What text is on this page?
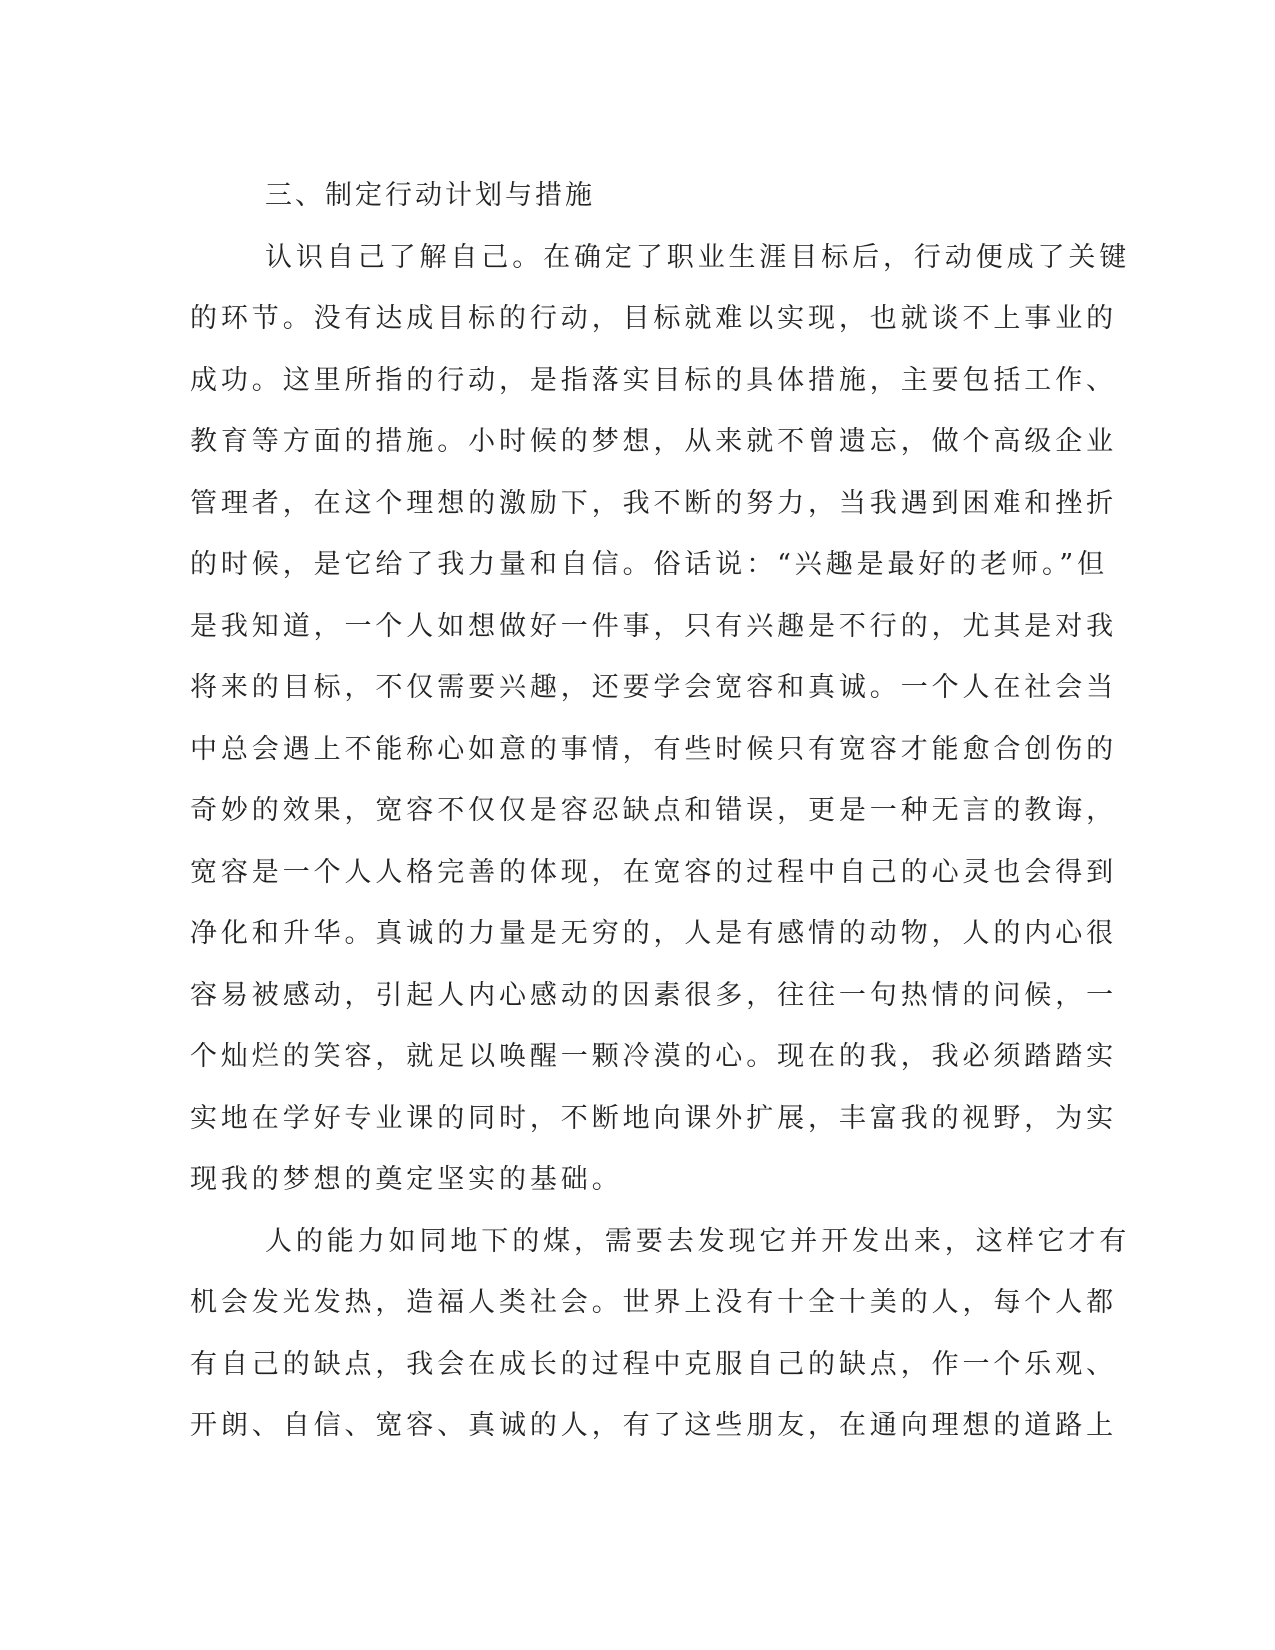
三、制定行动计划与措施
认识自己了解自己。在确定了职业生涯目标后，行动便成了关键
的环节。没有达成目标的行动，目标就难以实现，也就谈不上事业的
成功。这里所指的行动，是指落实目标的具体措施，主要包括工作、
教育等方面的措施。小时候的梦想，从来就不曾遗忘，做个高级企业
管理者，在这个理想的激励下，我不断的努力，当我遇到困难和挫折
的时候，是它给了我力量和自信。俗话说：“兴趣是最好的老师。”但
是我知道，一个人如想做好一件事，只有兴趣是不行的，尤其是对我
将来的目标，不仅需要兴趣，还要学会宽容和真诚。一个人在社会当
中总会遇上不能称心如意的事情，有些时候只有宽容才能愈合创伤的
奇妙的效果，宽容不仅仅是容忍缺点和错误，更是一种无言的教诲，
宽容是一个人人格完善的体现，在宽容的过程中自己的心灵也会得到
净化和升华。真诚的力量是无穷的，人是有感情的动物，人的内心很
容易被感动，引起人内心感动的因素很多，往往一句热情的问候，一
个灿烂的笑容，就足以唤醒一颗冷漠的心。现在的我，我必须踏踏实
实地在学好专业课的同时，不断地向课外扩展，丰富我的视野，为实
现我的梦想的奠定坚实的基础。
人的能力如同地下的煤，需要去发现它并开发出来，这样它才有
机会发光发热，造福人类社会。世界上没有十全十美的人，每个人都
有自己的缺点，我会在成长的过程中克服自己的缺点，作一个乐观、
开朗、自信、宽容、真诚的人，有了这些朋友，在通向理想的道路上
